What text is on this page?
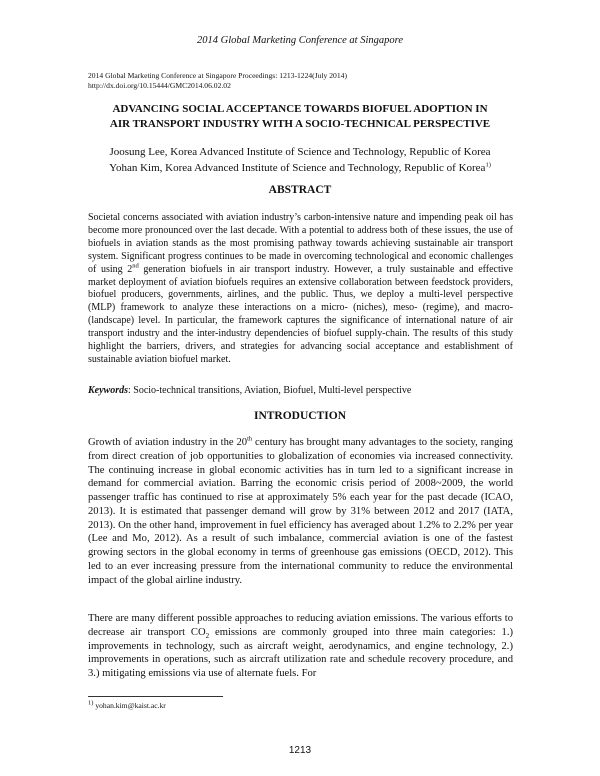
2014 Global Marketing Conference at Singapore
2014 Global Marketing Conference at Singapore Proceedings: 1213-1224(July 2014)
http://dx.doi.org/10.15444/GMC2014.06.02.02
ADVANCING SOCIAL ACCEPTANCE TOWARDS BIOFUEL ADOPTION IN
AIR TRANSPORT INDUSTRY WITH A SOCIO-TECHNICAL PERSPECTIVE
Joosung Lee, Korea Advanced Institute of Science and Technology, Republic of Korea
Yohan Kim, Korea Advanced Institute of Science and Technology, Republic of Korea$^{1)}$
ABSTRACT

Societal concerns associated with aviation industry’s carbon-intensive nature and impending peak oil has become more pronounced over the last decade. With a potential to address both of these issues, the use of biofuels in aviation stands as the most promising pathway towards achieving sustainable air transport system. Significant progress continues to be made in overcoming technological and economic challenges of using 2nd generation biofuels in air transport industry. However, a truly sustainable and effective market deployment of aviation biofuels requires an extensive collaboration between feedstock providers, biofuel producers, governments, airlines, and the public. Thus, we deploy a multi-level perspective (MLP) framework to analyze these interactions on a micro- (niches), meso- (regime), and macro- (landscape) level. In particular, the framework captures the significance of international nature of air transport industry and the inter-industry dependencies of biofuel supply-chain. The results of this study highlight the barriers, drivers, and strategies for advancing social acceptance and establishment of sustainable aviation biofuel market.

Keywords: Socio-technical transitions, Aviation, Biofuel, Multi-level perspective

INTRODUCTION

Growth of aviation industry in the 20th century has brought many advantages to the society, ranging from direct creation of job opportunities to globalization of economies via increased connectivity. The continuing increase in global economic activities has in turn led to a significant increase in demand for commercial aviation. Barring the economic crisis period of 2008~2009, the world passenger traffic has continued to rise at approximately 5% each year for the past decade (ICAO, 2013). It is estimated that passenger demand will grow by 31% between 2012 and 2017 (IATA, 2013). On the other hand, improvement in fuel efficiency has averaged about 1.2% to 2.2% per year (Lee and Mo, 2012). As a result of such imbalance, commercial aviation is one of the fastest growing sectors in the global economy in terms of greenhouse gas emissions (OECD, 2012). This led to an ever increasing pressure from the international community to reduce the environmental impact of the global airline industry.

There are many different possible approaches to reducing aviation emissions. The various efforts to decrease air transport $CO_2$ emissions are commonly grouped into three main categories: 1.) improvements in technology, such as aircraft weight, aerodynamics, and engine technology, 2.) improvements in operations, such as aircraft utilization rate and schedule recovery procedure, and 3.) mitigating emissions via use of alternate fuels. For

$^{1)}$ yohan.kim@kaist.ac.kr
1213
